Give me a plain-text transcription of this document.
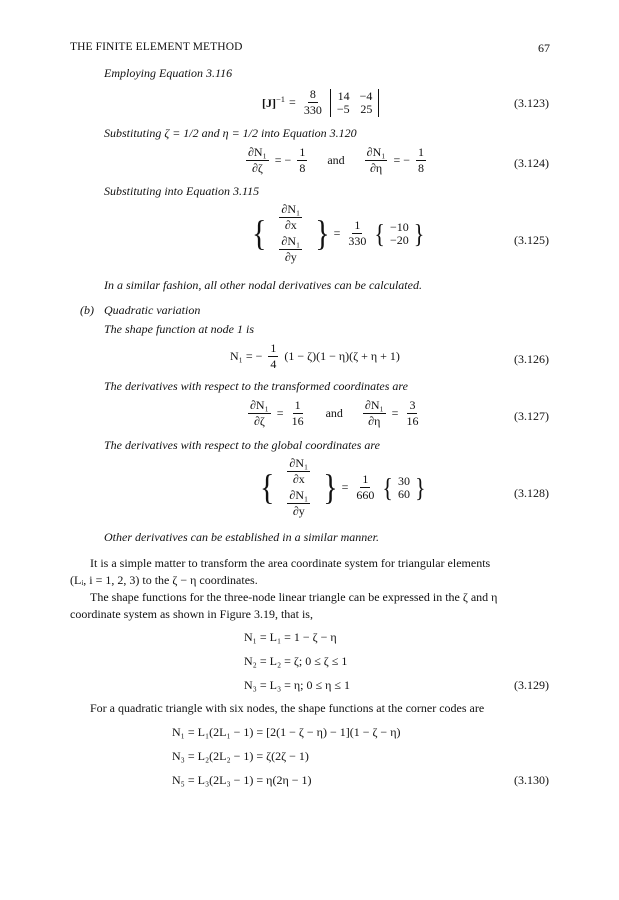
THE FINITE ELEMENT METHOD	67
Employing Equation 3.116
$[J]^{-1} = \frac{8}{330} 14 -4$
−5 25	(3.123)
Substituting ζ = 1/2 and η = 1/2 into Equation 3.120
$\frac{\text{∂N₁}}{\partial\zeta}$ = − $\frac{1}{8}$ and $\frac{\text{∂N₁}}{\partial\eta}$ = − $\frac{1}{8}$	(3.124)
Substituting into Equation 3.115
{ $\frac{\text{∂N₁}}{\partial x}$
$\frac{\text{∂N₁}}{\partial y}$ } = $\frac{1}{330}$ { −10
−20 }	(3.125)
In a similar fashion, all other nodal derivatives can be calculated.
(b) Quadratic variation
The shape function at node 1 is
N₁ = − $\frac{1}{4} (1 - \zeta)(1 - \eta)(\zeta + \eta + 1)$	(3.126)
The derivatives with respect to the transformed coordinates are
$\frac{\text{∂N₁}}{\partial\zeta} = \frac{1}{16}$ and $\frac{\text{∂N₁}}{\partial\eta} = \frac{3}{16}$	(3.127)
The derivatives with respect to the global coordinates are
{ $\frac{\text{∂N₁}}{\partial x}$
$\frac{\text{∂N₁}}{\partial y}$ } = $\frac{1}{660}$ { 30
60 }	(3.128)
Other derivatives can be established in a similar manner.
It is a simple matter to transform the area coordinate system for triangular elements
(Lᵢ, i = 1, 2, 3) to the ζ − η coordinates.
The shape functions for the three-node linear triangle can be expressed in the ζ and η
coordinate system as shown in Figure 3.19, that is,
N₁ = L₁ = 1 − ζ − η
N₂ = L₂ = ζ; 0 ≤ ζ ≤ 1
N₃ = L₃ = η; 0 ≤ η ≤ 1	(3.129)
For a quadratic triangle with six nodes, the shape functions at the corner codes are
N₁ = L₁(2L₁ − 1) = [2(1 − ζ − η) − 1](1 − ζ − η)
N₃ = L₂(2L₂ − 1) = ζ(2ζ − 1)
N₅ = L₃(2L₃ − 1) = η(2η − 1)	(3.130)
